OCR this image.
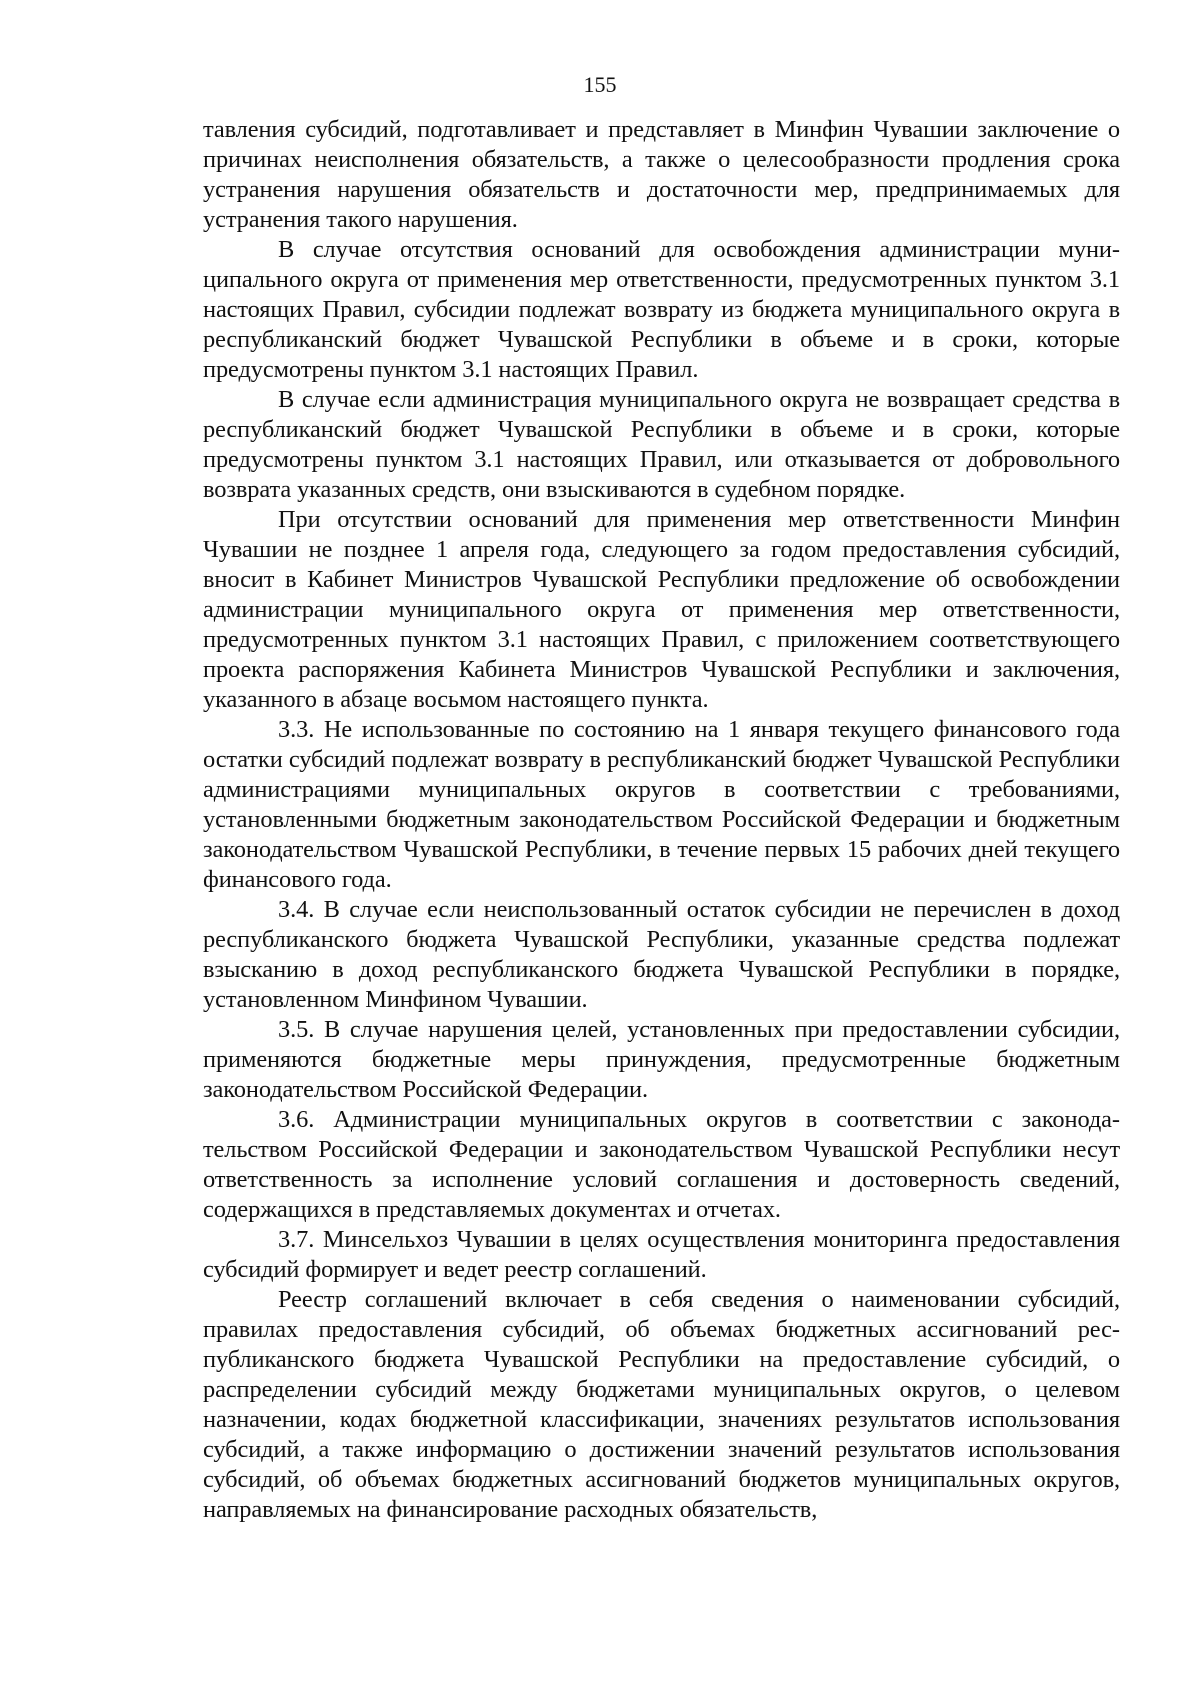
155

тавления субсидий, подготавливает и представляет в Минфин Чувашии заключение о причинах неисполнения обязательств, а также о целесообразности продления срока устранения нарушения обязательств и достаточности мер, предпринимаемых для устранения такого нарушения.

В случае отсутствия оснований для освобождения администрации муниципального округа от применения мер ответственности, предусмотренных пунктом 3.1 настоящих Правил, субсидии подлежат возврату из бюджета муниципального округа в республиканский бюджет Чувашской Республики в объеме и в сроки, которые предусмотрены пунктом 3.1 настоящих Правил.

В случае если администрация муниципального округа не возвращает средства в республиканский бюджет Чувашской Республики в объеме и в сроки, которые предусмотрены пунктом 3.1 настоящих Правил, или отказывается от добровольного возврата указанных средств, они взыскиваются в судебном порядке.

При отсутствии оснований для применения мер ответственности Минфин Чувашии не позднее 1 апреля года, следующего за годом предоставления субсидий, вносит в Кабинет Министров Чувашской Республики предложение об освобождении администрации муниципального округа от применения мер ответственности, предусмотренных пунктом 3.1 настоящих Правил, с приложением соответствующего проекта распоряжения Кабинета Министров Чувашской Республики и заключения, указанного в абзаце восьмом настоящего пункта.

3.3. Не использованные по состоянию на 1 января текущего финансового года остатки субсидий подлежат возврату в республиканский бюджет Чувашской Республики администрациями муниципальных округов в соответствии с требованиями, установленными бюджетным законодательством Российской Федерации и бюджетным законодательством Чувашской Республики, в течение первых 15 рабочих дней текущего финансового года.

3.4. В случае если неиспользованный остаток субсидии не перечислен в доход республиканского бюджета Чувашской Республики, указанные средства подлежат взысканию в доход республиканского бюджета Чувашской Республики в порядке, установленном Минфином Чувашии.

3.5. В случае нарушения целей, установленных при предоставлении субсидии, применяются бюджетные меры принуждения, предусмотренные бюджетным законодательством Российской Федерации.

3.6. Администрации муниципальных округов в соответствии с законодательством Российской Федерации и законодательством Чувашской Республики несут ответственность за исполнение условий соглашения и достоверность сведений, содержащихся в представляемых документах и отчетах.

3.7. Минсельхоз Чувашии в целях осуществления мониторинга предоставления субсидий формирует и ведет реестр соглашений.

Реестр соглашений включает в себя сведения о наименовании субсидий, правилах предоставления субсидий, об объемах бюджетных ассигнований республиканского бюджета Чувашской Республики на предоставление субсидий, о распределении субсидий между бюджетами муниципальных округов, о целевом назначении, кодах бюджетной классификации, значениях результатов использования субсидий, а также информацию о достижении значений результатов использования субсидий, об объемах бюджетных ассигнований бюджетов муниципальных округов, направляемых на финансирование расходных обязательств,
